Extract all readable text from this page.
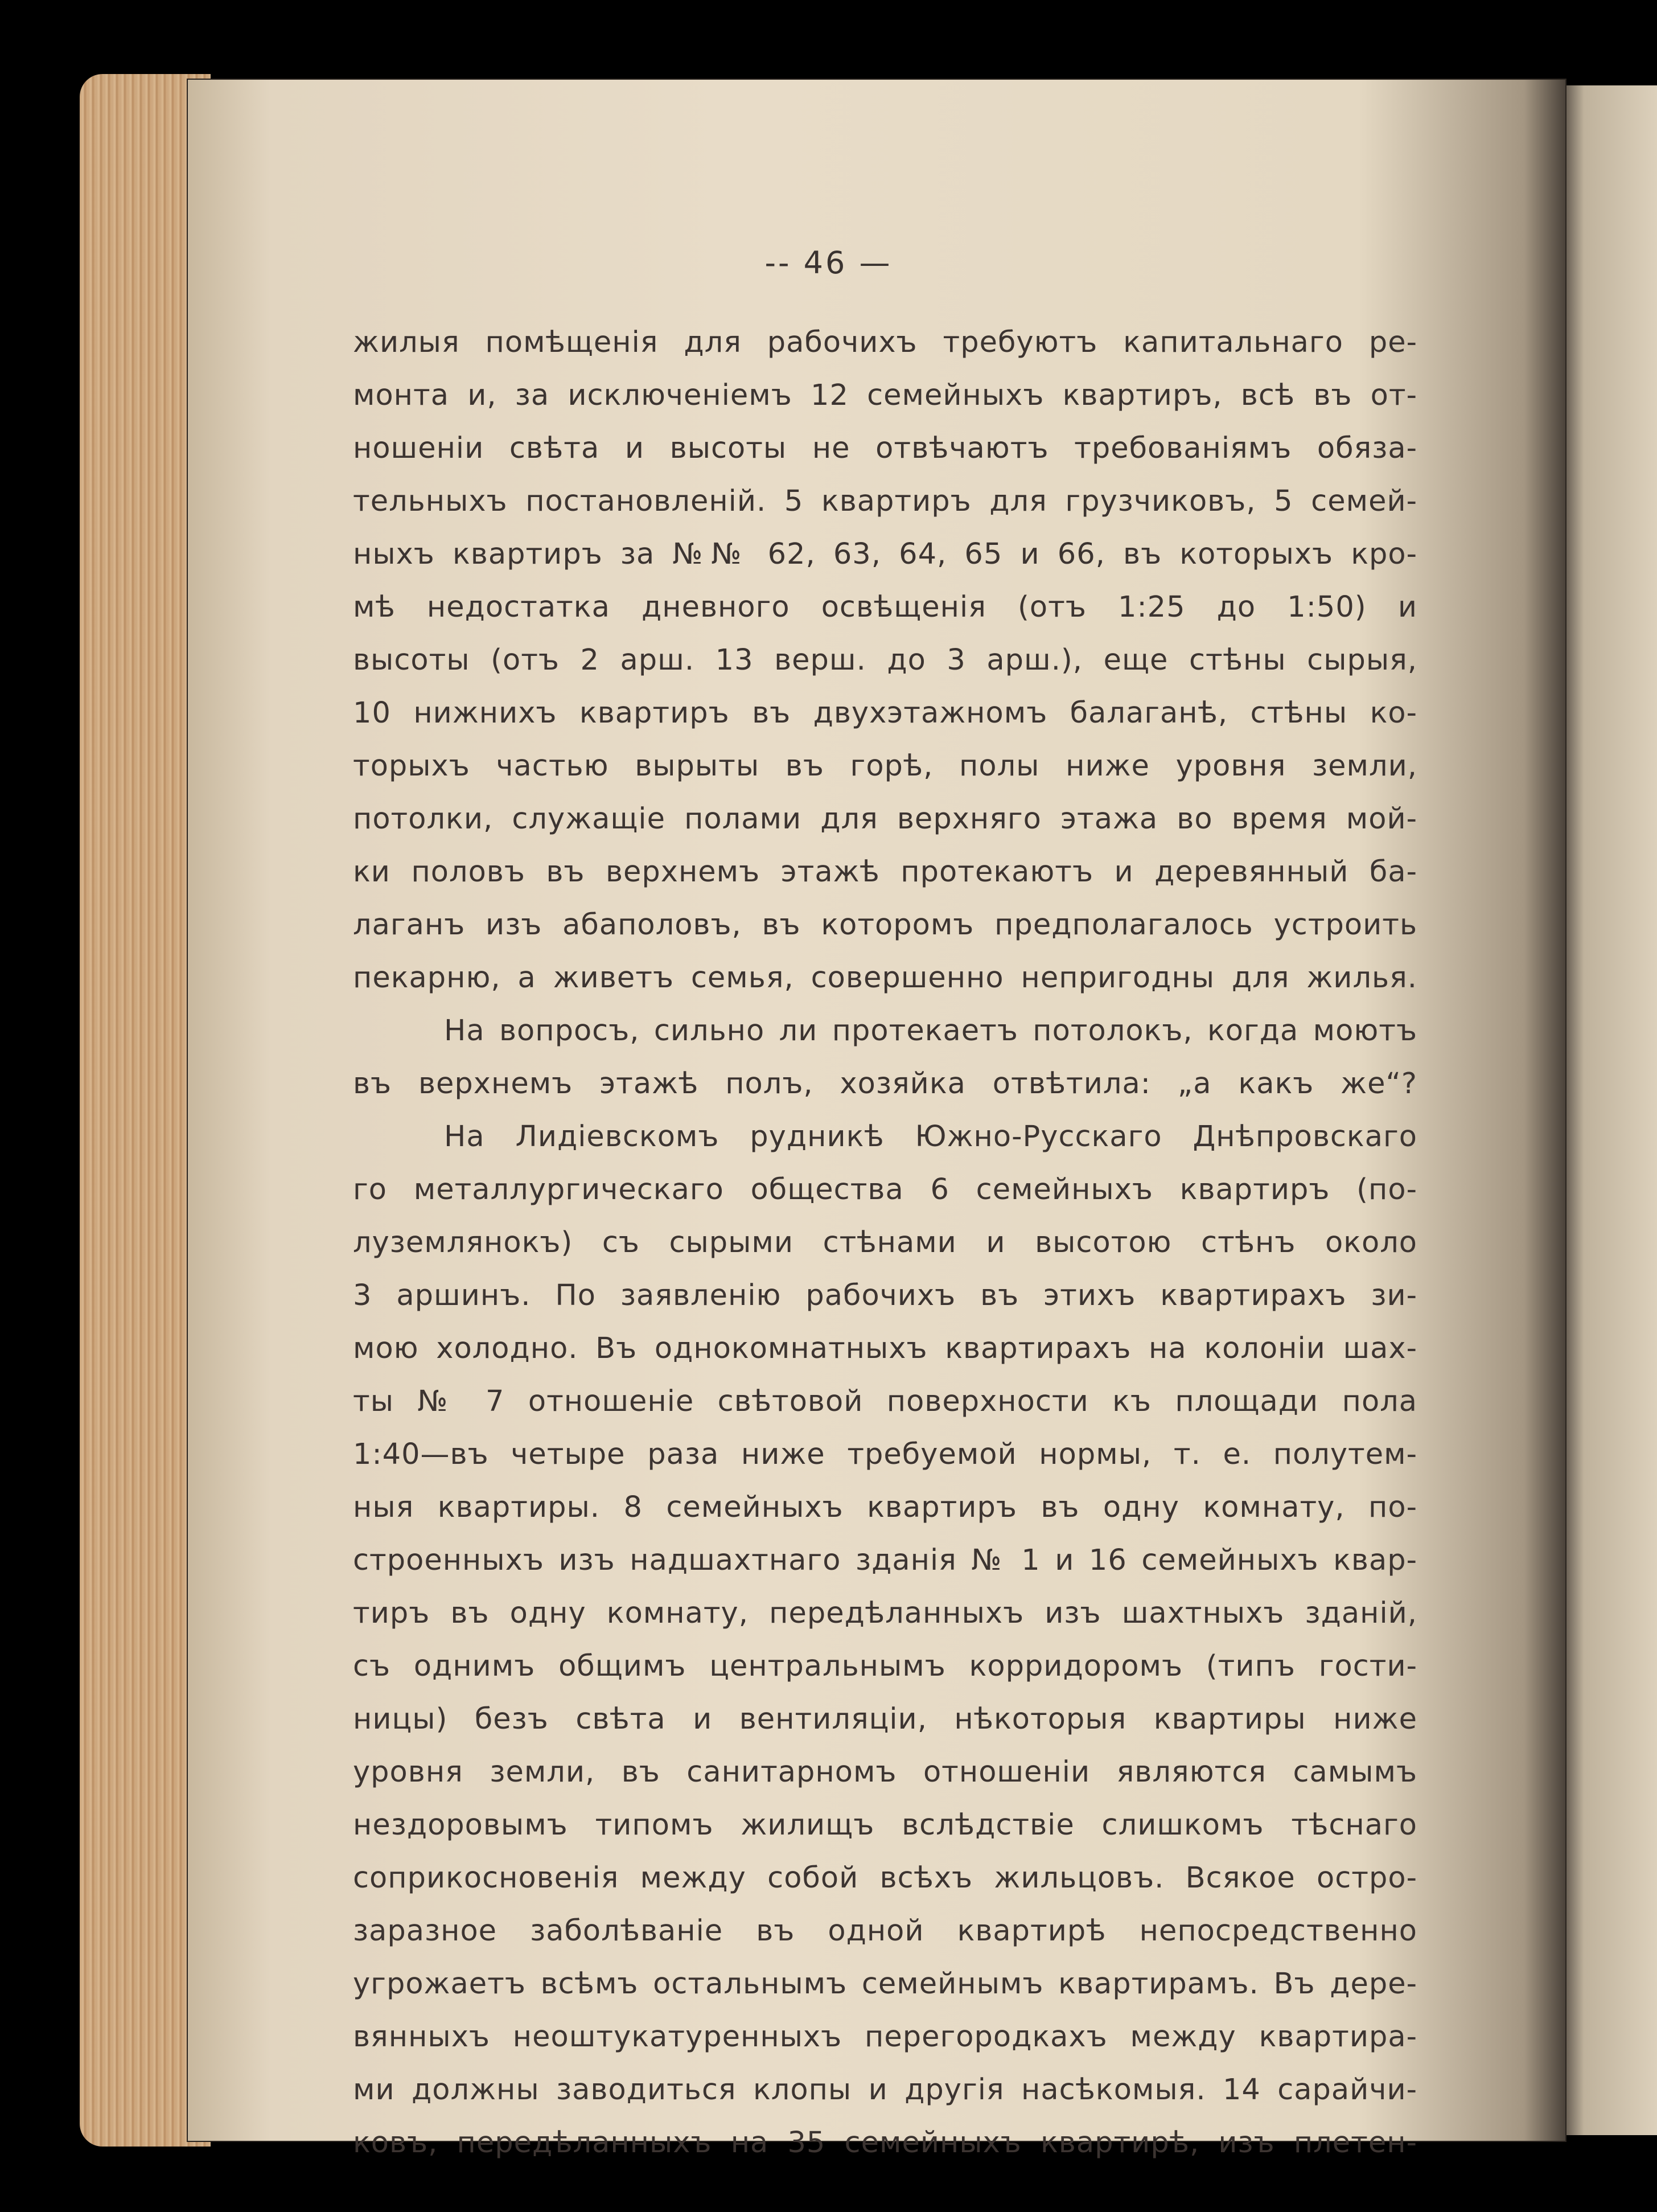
-- 46 —
жилыя помѣщенія для рабочихъ требуютъ капитальнаго ре-
монта и, за исключеніемъ 12 семейныхъ квартиръ, всѣ въ от-
ношеніи свѣта и высоты не отвѣчаютъ требованіямъ обяза-
тельныхъ постановленій. 5 квартиръ для грузчиковъ, 5 семей-
ныхъ квартиръ за №№ 62, 63, 64, 65 и 66, въ которыхъ кро-
мѣ недостатка дневного освѣщенія (отъ 1:25 до 1:50) и
высоты (отъ 2 арш. 13 верш. до 3 арш.), еще стѣны сырыя,
10 нижнихъ квартиръ въ двухэтажномъ балаганѣ, стѣны ко-
торыхъ частью вырыты въ горѣ, полы ниже уровня земли,
потолки, служащіе полами для верхняго этажа во время мой-
ки половъ въ верхнемъ этажѣ протекаютъ и деревянный ба-
лаганъ изъ абаполовъ, въ которомъ предполагалось устроить
пекарню, а живетъ семья, совершенно непригодны для жилья.
На вопросъ, сильно ли протекаетъ потолокъ, когда моютъ
въ верхнемъ этажѣ полъ, хозяйка отвѣтила: „а какъ же“?
На Лидіевскомъ рудникѣ Южно-Русскаго Днѣпровскаго
го металлургическаго общества 6 семейныхъ квартиръ (по-
луземлянокъ) съ сырыми стѣнами и высотою стѣнъ около
3 аршинъ. По заявленію рабочихъ въ этихъ квартирахъ зи-
мою холодно. Въ однокомнатныхъ квартирахъ на колоніи шах-
ты № 7 отношеніе свѣтовой поверхности къ площади пола
1:40—въ четыре раза ниже требуемой нормы, т. е. полутем-
ныя квартиры. 8 семейныхъ квартиръ въ одну комнату, по-
строенныхъ изъ надшахтнаго зданія № 1 и 16 семейныхъ квар-
тиръ въ одну комнату, передѣланныхъ изъ шахтныхъ зданій,
съ однимъ общимъ центральнымъ корридоромъ (типъ гости-
ницы) безъ свѣта и вентиляціи, нѣкоторыя квартиры ниже
уровня земли, въ санитарномъ отношеніи являются самымъ
нездоровымъ типомъ жилищъ вслѣдствіе слишкомъ тѣснаго
соприкосновенія между собой всѣхъ жильцовъ. Всякое остро-
заразное заболѣваніе въ одной квартирѣ непосредственно
угрожаетъ всѣмъ остальнымъ семейнымъ квартирамъ. Въ дере-
вянныхъ неоштукатуренныхъ перегородкахъ между квартира-
ми должны заводиться клопы и другія насѣкомыя. 14 сарайчи-
ковъ, передѣланныхъ на 35 семейныхъ квартирѣ, изъ плетен-
